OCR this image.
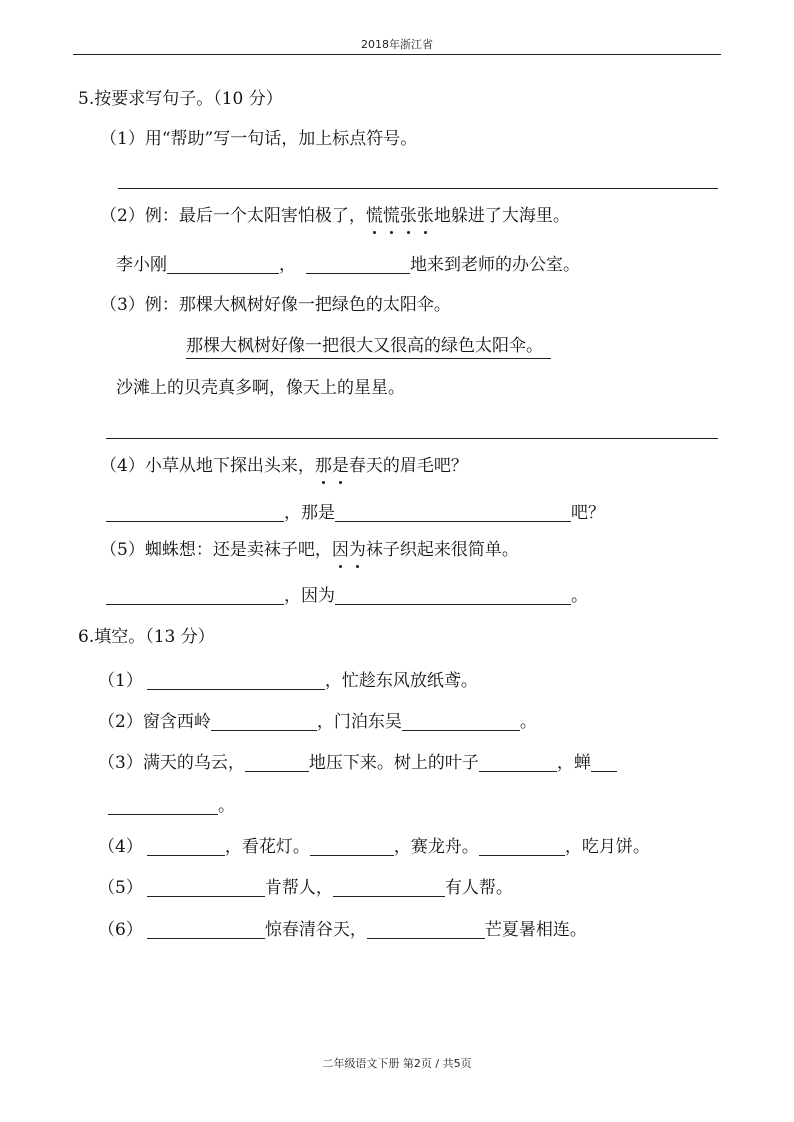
2018年浙江省
5.按要求写句子。（10 分）
（1）用“帮助”写一句话，加上标点符号。
（2）例：最后一个太阳害怕极了，慌慌张张地躲进了大海里。
李小刚	，	地来到老师的办公室。
（3）例：那棵大枫树好像一把绿色的太阳伞。
那棵大枫树好像一把很大又很高的绿色太阳伞。
沙滩上的贝壳真多啊，像天上的星星。
（4）小草从地下探出头来，那是春天的眉毛吧？
，那是	吧？
（5）蜘蛛想：还是卖袜子吧，因为袜子织起来很简单。
，因为	。
6.填空。（13 分）
（1）	，忙趁东风放纸鸢。
（2）窗含西岭	，门泊东吴	。
（3）满天的乌云，	地压下来。树上的叶子	，蝉
。
（4）	，看花灯。	，赛龙舟。	，吃月饼。
（5）	肯帮人，	有人帮。
（6）	惊春清谷天，	芒夏暑相连。
二年级语文下册 第2页 / 共5页
